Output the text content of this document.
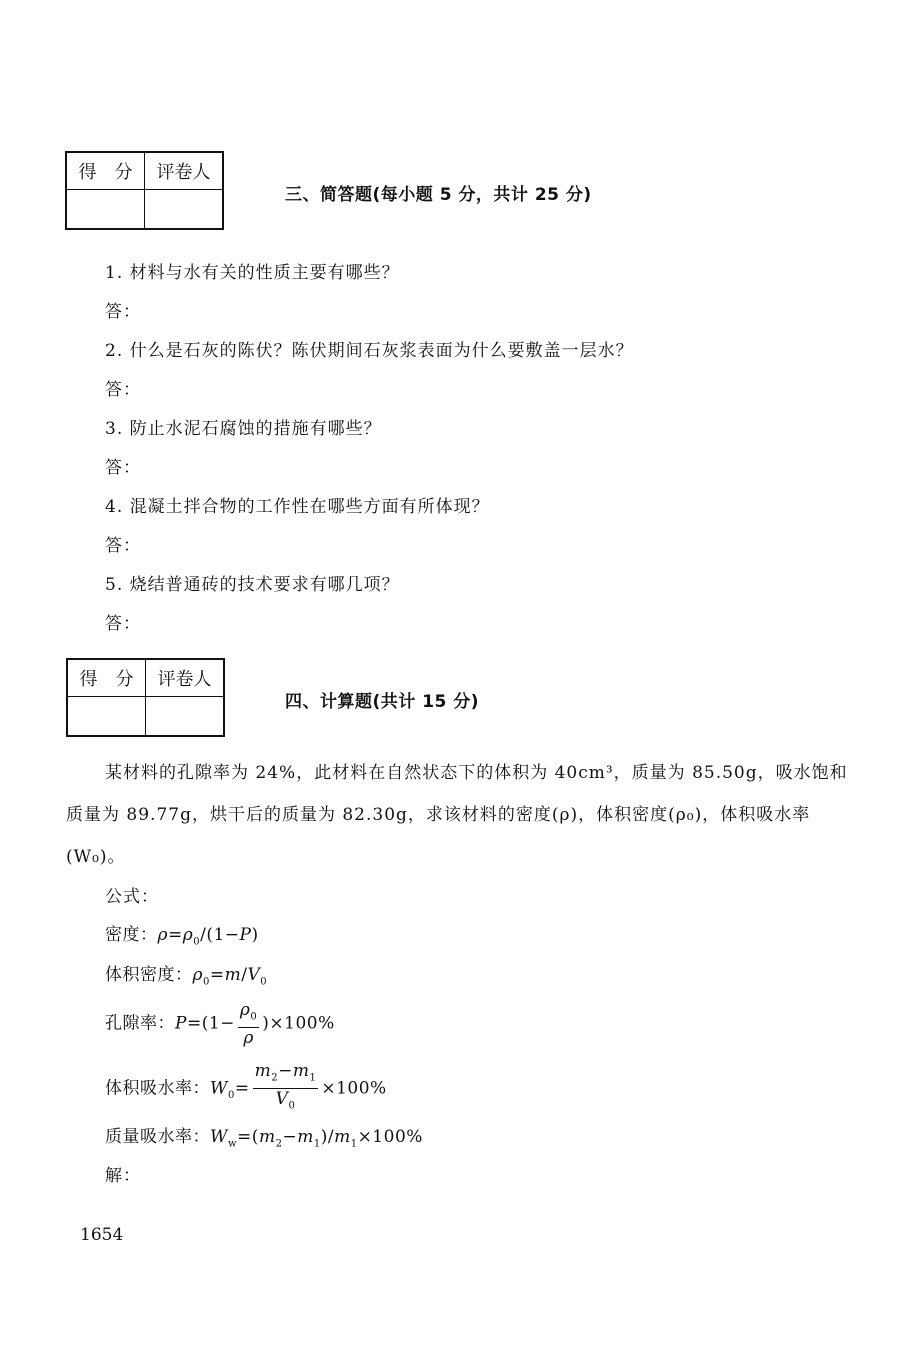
得　分	评卷人

三、简答题(每小题 5 分，共计 25 分)
1. 材料与水有关的性质主要有哪些？
答：
2. 什么是石灰的陈伏？陈伏期间石灰浆表面为什么要敷盖一层水？
答：
3. 防止水泥石腐蚀的措施有哪些？
答：
4. 混凝土拌合物的工作性在哪些方面有所体现？
答：
5. 烧结普通砖的技术要求有哪几项？
答：
得　分	评卷人

四、计算题(共计 15 分)
某材料的孔隙率为 24%，此材料在自然状态下的体积为 40cm³，质量为 85.50g，吸水饱和
质量为 89.77g，烘干后的质量为 82.30g，求该材料的密度(ρ)，体积密度(ρ₀)，体积吸水率
(W₀)。
公式：
密度：$\rho=\rho_0/(1-P)$
体积密度：$\rho_0=m/V_0$
孔隙率：$P=(1- \frac{\rho_0}{\rho} )\times 100\%$
体积吸水率：$W_0= \frac{m_2-m_1}{V_0} \times 100\%$
质量吸水率：$W_w=(m_2-m_1)/m_1\times 100\%$
解：
1654
